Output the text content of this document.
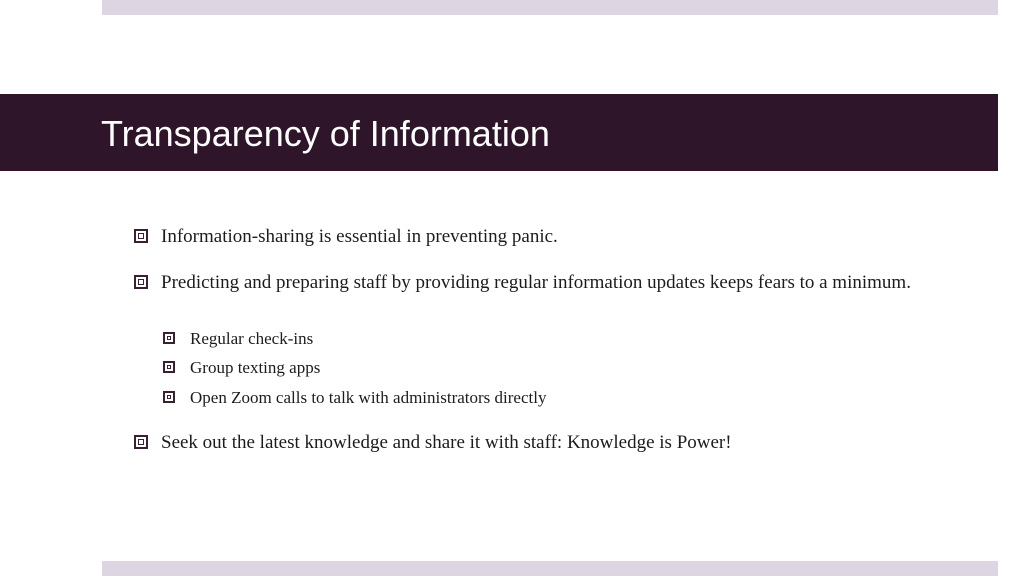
Transparency of Information
Information-sharing is essential in preventing panic.
Predicting and preparing staff by providing regular information updates keeps fears to a minimum.
Regular check-ins
Group texting apps
Open Zoom calls to talk with administrators directly
Seek out the latest knowledge and share it with staff: Knowledge is Power!
